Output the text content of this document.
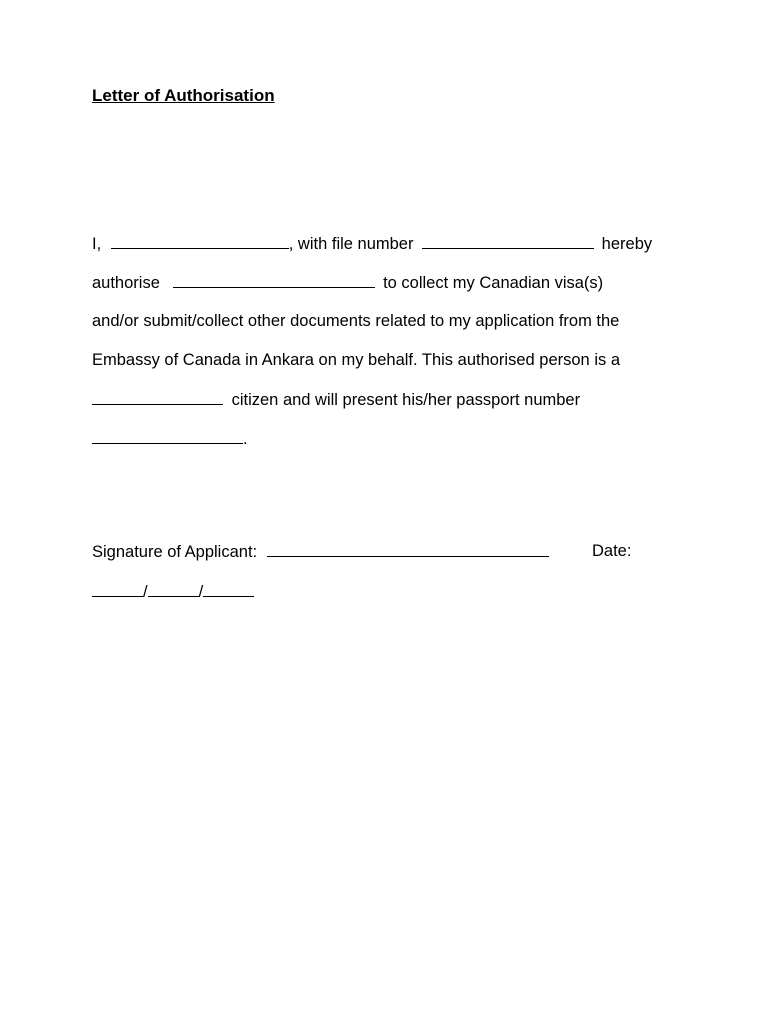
Letter of Authorisation
I,	, with file number	hereby
authorise	to collect my Canadian visa(s)
and/or submit/collect other documents related to my application from the
Embassy of Canada in Ankara on my behalf. This authorised person is a
citizen and will present his/her passport number
.
Signature of Applicant:	Date:
/	/
